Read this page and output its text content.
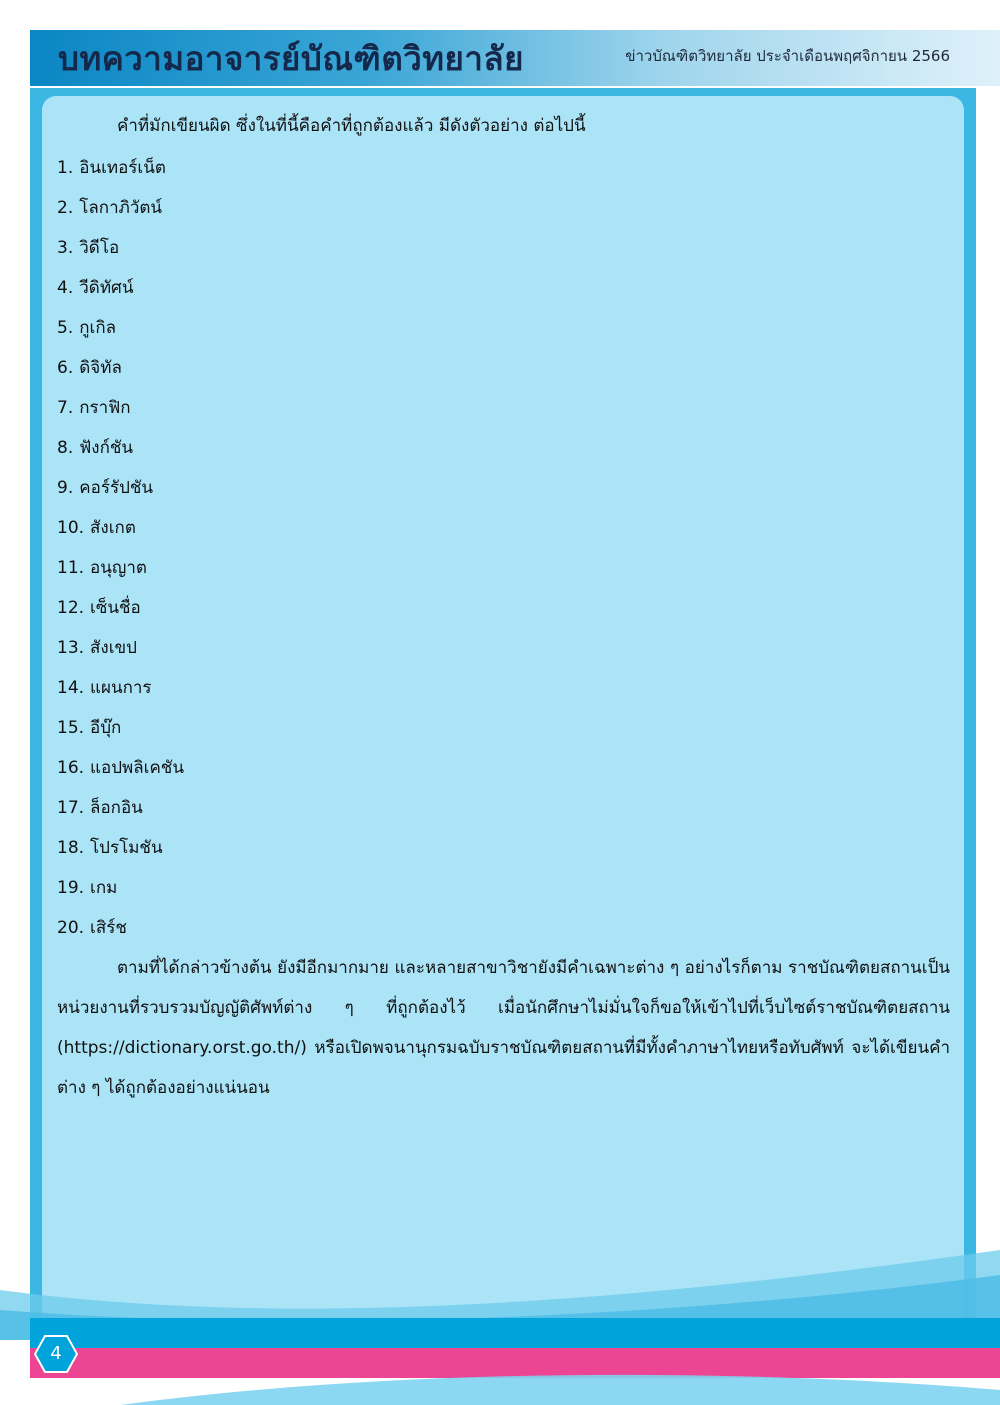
บทความอาจารย์บัณฑิตวิทยาลัย	ข่าวบัณฑิตวิทยาลัย ประจำเดือนพฤศจิกายน 2566

คำที่มักเขียนผิด ซึ่งในที่นี้คือคำที่ถูกต้องแล้ว มีดังตัวอย่าง ต่อไปนี้

1. อินเทอร์เน็ต
2. โลกาภิวัตน์
3. วิดีโอ
4. วีดิทัศน์
5. กูเกิล
6. ดิจิทัล
7. กราฟิก
8. ฟังก์ชัน
9. คอร์รัปชัน
10. สังเกต
11. อนุญาต
12. เซ็นชื่อ
13. สังเขป
14. แผนการ
15. อีบุ๊ก
16. แอปพลิเคชัน
17. ล็อกอิน
18. โปรโมชัน
19. เกม
20. เสิร์ช

ตามที่ได้กล่าวข้างต้น ยังมีอีกมากมาย และหลายสาขาวิชายังมีคำเฉพาะต่าง ๆ อย่างไรก็ตาม ราชบัณฑิตยสถานเป็นหน่วยงานที่รวบรวมบัญญัติศัพท์ต่าง ๆ ที่ถูกต้องไว้ เมื่อนักศึกษาไม่มั่นใจก็ขอให้เข้าไปที่เว็บไซต์ราชบัณฑิตยสถาน (https://dictionary.orst.go.th/) หรือเปิดพจนานุกรมฉบับราชบัณฑิตยสถานที่มีทั้งคำภาษาไทยหรือทับศัพท์ จะได้เขียนคำต่าง ๆ ได้ถูกต้องอย่างแน่นอน

4
